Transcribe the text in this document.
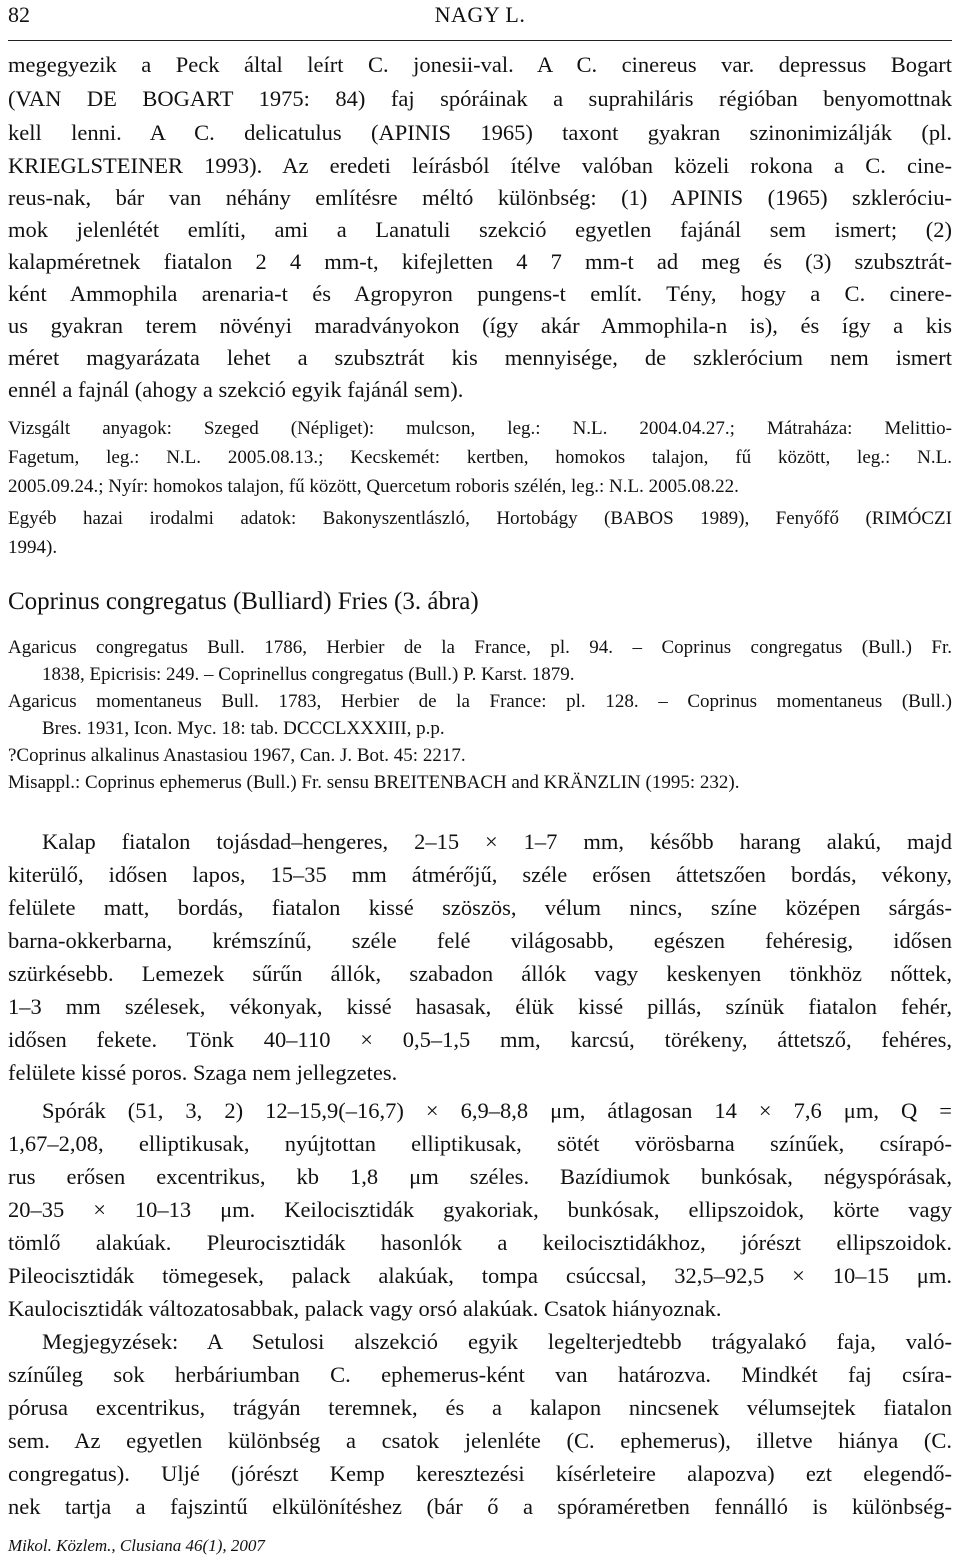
82	NAGY L.
megegyezik a Peck által leírt C. jonesii-val. A C. cinereus var. depressus Bogart
(VAN DE BOGART 1975: 84) faj spóráinak a suprahiláris régióban benyomottnak
kell lenni. A C. delicatulus (APINIS 1965) taxont gyakran szinonimizálják (pl.
KRIEGLSTEINER 1993). Az eredeti leírásból ítélve valóban közeli rokona a C. cine-
reus-nak, bár van néhány említésre méltó különbség: (1) APINIS (1965) szkleróciu-
mok jelenlétét említi, ami a Lanatuli szekció egyetlen fajánál sem ismert; (2)
kalapméretnek fiatalon 2 4 mm-t, kifejletten 4 7 mm-t ad meg és (3) szubsztrát-
ként Ammophila arenaria-t és Agropyron pungens-t említ. Tény, hogy a C. cinere-
us gyakran terem növényi maradványokon (így akár Ammophila-n is), és így a kis
méret magyarázata lehet a szubsztrát kis mennyisége, de szklerócium nem ismert
ennél a fajnál (ahogy a szekció egyik fajánál sem).
Vizsgált anyagok: Szeged (Népliget): mulcson, leg.: N.L. 2004.04.27.; Mátraháza: Melittio-
Fagetum, leg.: N.L. 2005.08.13.; Kecskemét: kertben, homokos talajon, fű között, leg.: N.L.
2005.09.24.; Nyír: homokos talajon, fű között, Quercetum roboris szélén, leg.: N.L. 2005.08.22.
Egyéb hazai irodalmi adatok: Bakonyszentlászló, Hortobágy (BABOS 1989), Fenyőfő (RIMÓCZI
1994).
Coprinus congregatus (Bulliard) Fries (3. ábra)
Agaricus congregatus Bull. 1786, Herbier de la France, pl. 94. – Coprinus congregatus (Bull.) Fr.
1838, Epicrisis: 249. – Coprinellus congregatus (Bull.) P. Karst. 1879.
Agaricus momentaneus Bull. 1783, Herbier de la France: pl. 128. – Coprinus momentaneus (Bull.)
Bres. 1931, Icon. Myc. 18: tab. DCCCLXXXIII, p.p.
?Coprinus alkalinus Anastasiou 1967, Can. J. Bot. 45: 2217.
Misappl.: Coprinus ephemerus (Bull.) Fr. sensu BREITENBACH and KRÄNZLIN (1995: 232).
Kalap fiatalon tojásdad–hengeres, 2–15 × 1–7 mm, később harang alakú, majd
kiterülő, idősen lapos, 15–35 mm átmérőjű, széle erősen áttetszően bordás, vékony,
felülete matt, bordás, fiatalon kissé szöszös, vélum nincs, színe középen sárgás-
barna-okkerbarna, krémszínű, széle felé világosabb, egészen fehéresig, idősen
szürkésebb. Lemezek sűrűn állók, szabadon állók vagy keskenyen tönkhöz nőttek,
1–3 mm szélesek, vékonyak, kissé hasasak, élük kissé pillás, színük fiatalon fehér,
idősen fekete. Tönk 40–110 × 0,5–1,5 mm, karcsú, törékeny, áttetsző, fehéres,
felülete kissé poros. Szaga nem jellegzetes.
Spórák (51, 3, 2) 12–15,9(–16,7) × 6,9–8,8 μm, átlagosan 14 × 7,6 μm, Q =
1,67–2,08, elliptikusak, nyújtottan elliptikusak, sötét vörösbarna színűek, csírapó-
rus erősen excentrikus, kb 1,8 μm széles. Bazídiumok bunkósak, négyspórásak,
20–35 × 10–13 μm. Keilocisztidák gyakoriak, bunkósak, ellipszoidok, körte vagy
tömlő alakúak. Pleurocisztidák hasonlók a keilocisztidákhoz, jórészt ellipszoidok.
Pileocisztidák tömegesek, palack alakúak, tompa csúccsal, 32,5–92,5 × 10–15 μm.
Kaulocisztidák változatosabbak, palack vagy orsó alakúak. Csatok hiányoznak.
Megjegyzések: A Setulosi alszekció egyik legelterjedtebb trágyalakó faja, való-
színűleg sok herbáriumban C. ephemerus-ként van határozva. Mindkét faj csíra-
pórusa excentrikus, trágyán teremnek, és a kalapon nincsenek vélumsejtek fiatalon
sem. Az egyetlen különbség a csatok jelenléte (C. ephemerus), illetve hiánya (C.
congregatus). Ulјé (jórészt Kemp keresztezési kísérleteire alapozva) ezt elegendő-
nek tartja a fajszintű elkülönítéshez (bár ő a spóraméretben fennálló is különbség-
Mikol. Közlem., Clusiana 46(1), 2007
